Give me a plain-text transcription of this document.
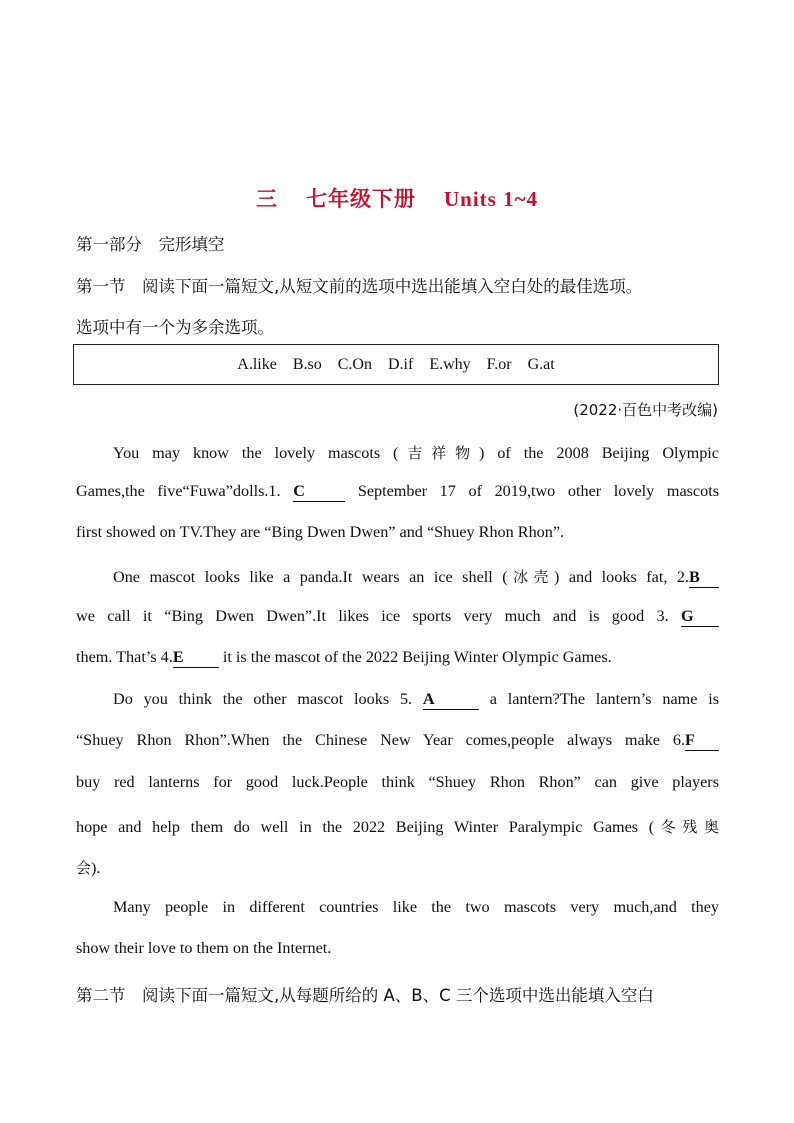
三 七年级下册 Units 1~4
第一部分　完形填空
第一节　阅读下面一篇短文,从短文前的选项中选出能填入空白处的最佳选项。
选项中有一个为多余选项。
A.like B.so C.On D.if E.why F.or G.at
(2022·百色中考改编)
You may know the lovely mascots (吉祥物) of the 2008 Beijing Olympic
Games,the five“Fuwa”dolls.1. C	September 17 of 2019,two other lovely mascots
first showed on TV.They are “Bing Dwen Dwen” and “Shuey Rhon Rhon”.
One mascot looks like a panda.It wears an ice shell (冰壳) and looks fat, 2.B
we call it “Bing Dwen Dwen”.It likes ice sports very much and is good 3. G
them. That’s 4.E it is the mascot of the 2022 Beijing Winter Olympic Games.
Do you think the other mascot looks 5. A	a lantern?The lantern’s name is
“Shuey Rhon Rhon”.When the Chinese New Year comes,people always make 6.F
buy red lanterns for good luck.People think “Shuey Rhon Rhon” can give players
hope and help them do well in the 2022 Beijing Winter Paralympic Games (冬残奥
会).
Many people in different countries like the two mascots very much,and they
show their love to them on the Internet.
第二节　阅读下面一篇短文,从每题所给的 A、B、C 三个选项中选出能填入空白
